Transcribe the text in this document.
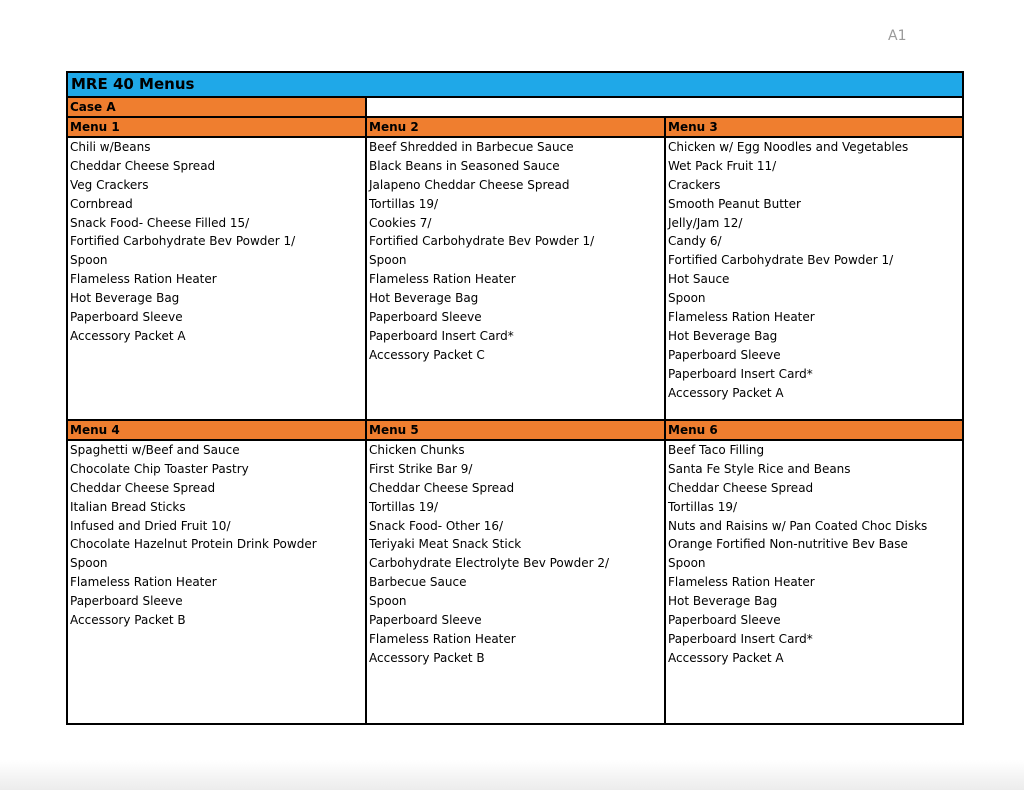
A1
MRE 40 Menus
Case A
Menu 1
Chili w/Beans
Cheddar Cheese Spread
Veg Crackers
Cornbread
Snack Food- Cheese Filled 15/
Fortified Carbohydrate Bev Powder 1/
Spoon
Flameless Ration Heater
Hot Beverage Bag
Paperboard Sleeve
Accessory Packet A
Menu 2
Beef Shredded in Barbecue Sauce
Black Beans in Seasoned Sauce
Jalapeno Cheddar Cheese Spread
Tortillas 19/
Cookies 7/
Fortified Carbohydrate Bev Powder 1/
Spoon
Flameless Ration Heater
Hot Beverage Bag
Paperboard Sleeve
Paperboard Insert Card*
Accessory Packet C
Menu 3
Chicken w/ Egg Noodles and Vegetables
Wet Pack Fruit 11/
Crackers
Smooth Peanut Butter
Jelly/Jam 12/
Candy 6/
Fortified Carbohydrate Bev Powder 1/
Hot Sauce
Spoon
Flameless Ration Heater
Hot Beverage Bag
Paperboard Sleeve
Paperboard Insert Card*
Accessory Packet A
Menu 4
Spaghetti w/Beef and Sauce
Chocolate Chip Toaster Pastry
Cheddar Cheese Spread
Italian Bread Sticks
Infused and Dried Fruit 10/
Chocolate Hazelnut Protein Drink Powder
Spoon
Flameless Ration Heater
Paperboard Sleeve
Accessory Packet B
Menu 5
Chicken Chunks
First Strike Bar 9/
Cheddar Cheese Spread
Tortillas 19/
Snack Food- Other 16/
Teriyaki Meat Snack Stick
Carbohydrate Electrolyte Bev Powder 2/
Barbecue Sauce
Spoon
Paperboard Sleeve
Flameless Ration Heater
Accessory Packet B
Menu 6
Beef Taco Filling
Santa Fe Style Rice and Beans
Cheddar Cheese Spread
Tortillas 19/
Nuts and Raisins w/ Pan Coated Choc Disks
Orange Fortified Non-nutritive Bev Base
Spoon
Flameless Ration Heater
Hot Beverage Bag
Paperboard Sleeve
Paperboard Insert Card*
Accessory Packet A
